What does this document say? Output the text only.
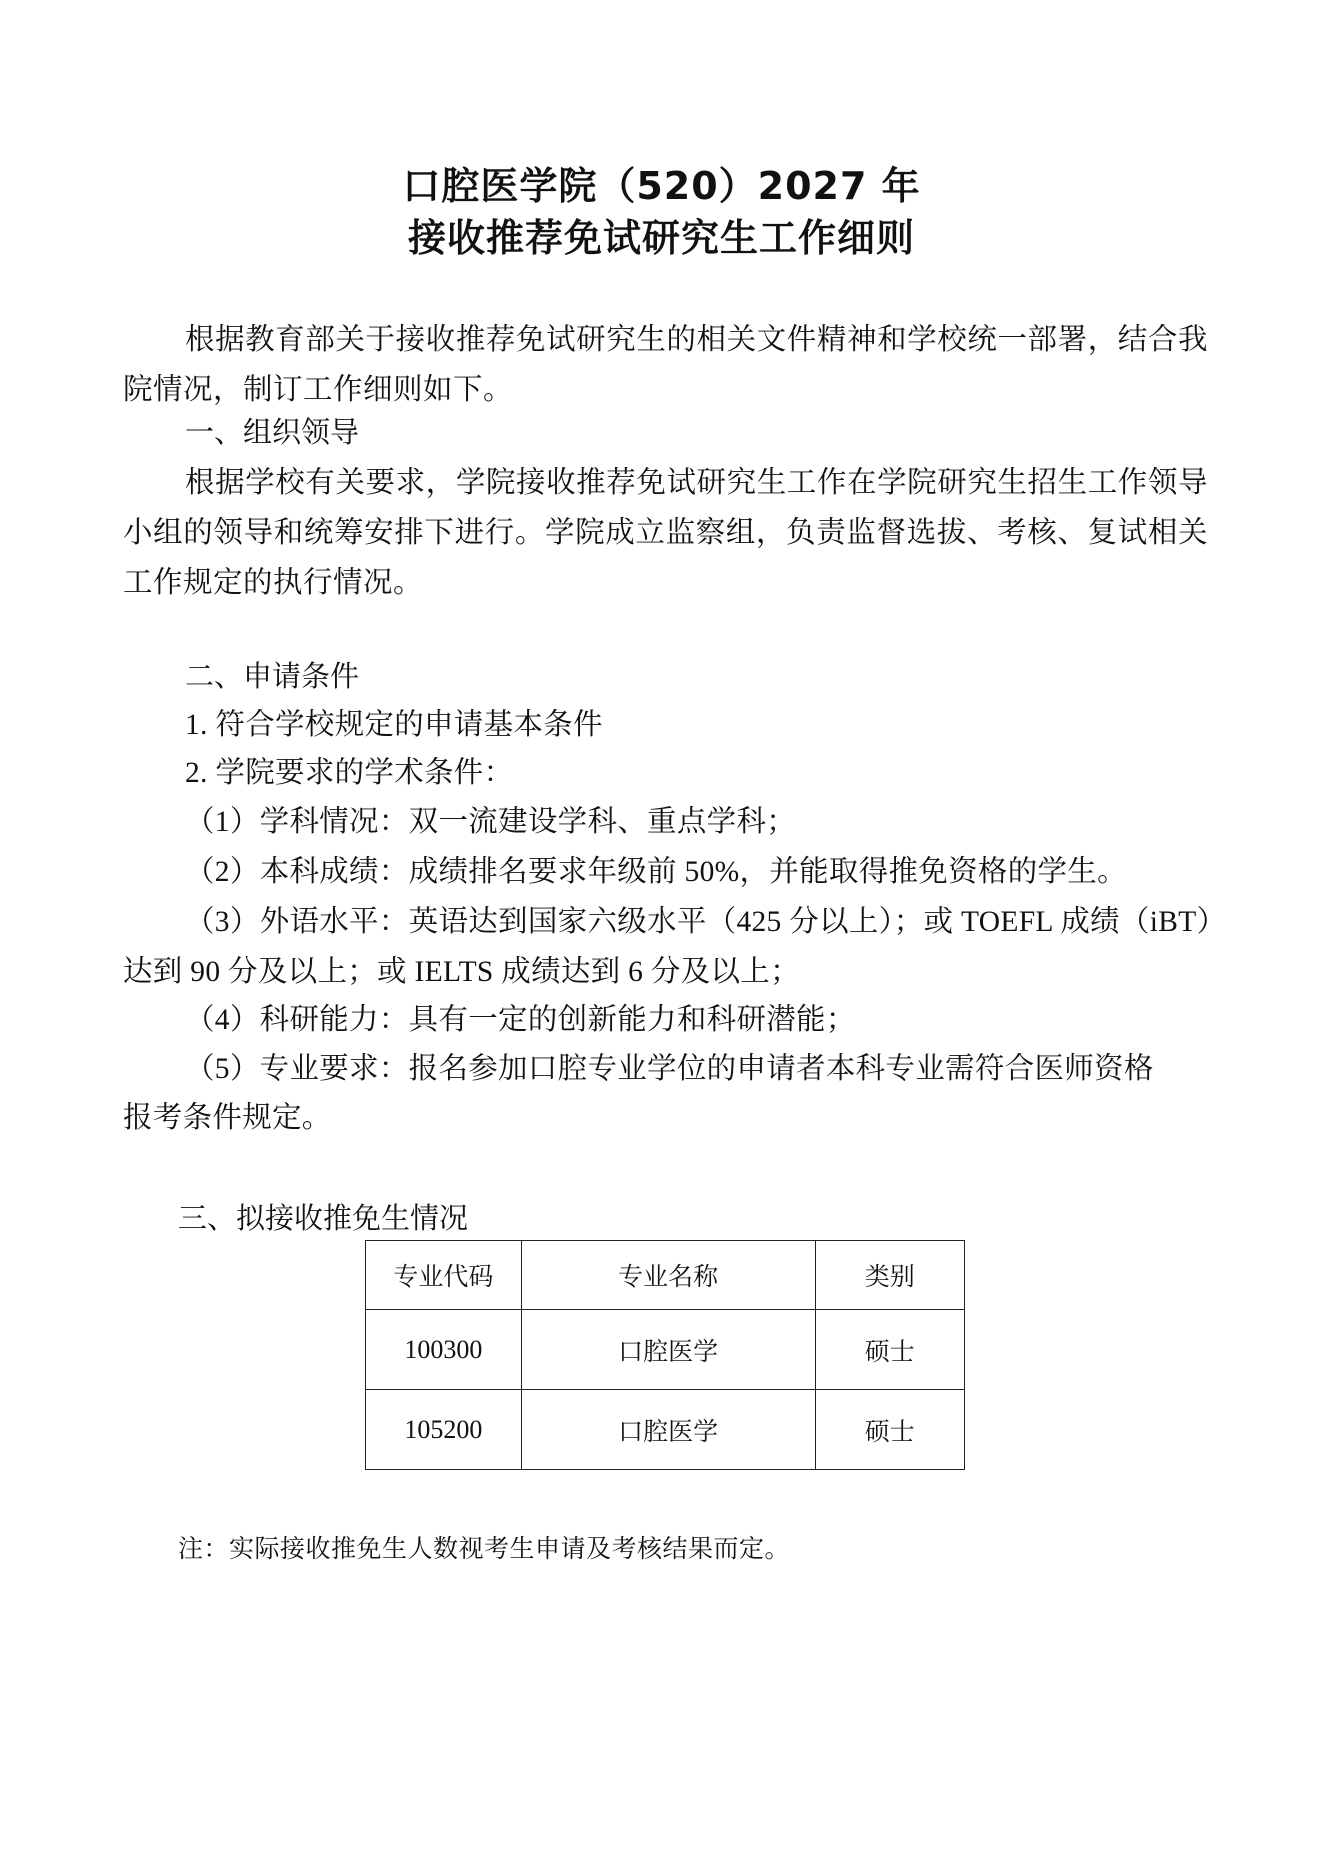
口腔医学院（520）2027 年
接收推荐免试研究生工作细则

根据教育部关于接收推荐免试研究生的相关文件精神和学校统一部署，结合我院情况，制订工作细则如下。

一、组织领导

根据学校有关要求，学院接收推荐免试研究生工作在学院研究生招生工作领导小组的领导和统筹安排下进行。学院成立监察组，负责监督选拔、考核、复试相关工作规定的执行情况。

二、申请条件

1. 符合学校规定的申请基本条件

2. 学院要求的学术条件：

（1）学科情况：双一流建设学科、重点学科；

（2）本科成绩：成绩排名要求年级前 50%，并能取得推免资格的学生。

（3）外语水平：英语达到国家六级水平（425 分以上）；或 TOEFL 成绩（iBT）

达到 90 分及以上；或 IELTS 成绩达到 6 分及以上；

（4）科研能力：具有一定的创新能力和科研潜能；

（5）专业要求：报名参加口腔专业学位的申请者本科专业需符合医师资格

报考条件规定。

三、拟接收推免生情况

专业代码	专业名称	类别
100300	口腔医学	硕士
105200	口腔医学	硕士

注：实际接收推免生人数视考生申请及考核结果而定。
